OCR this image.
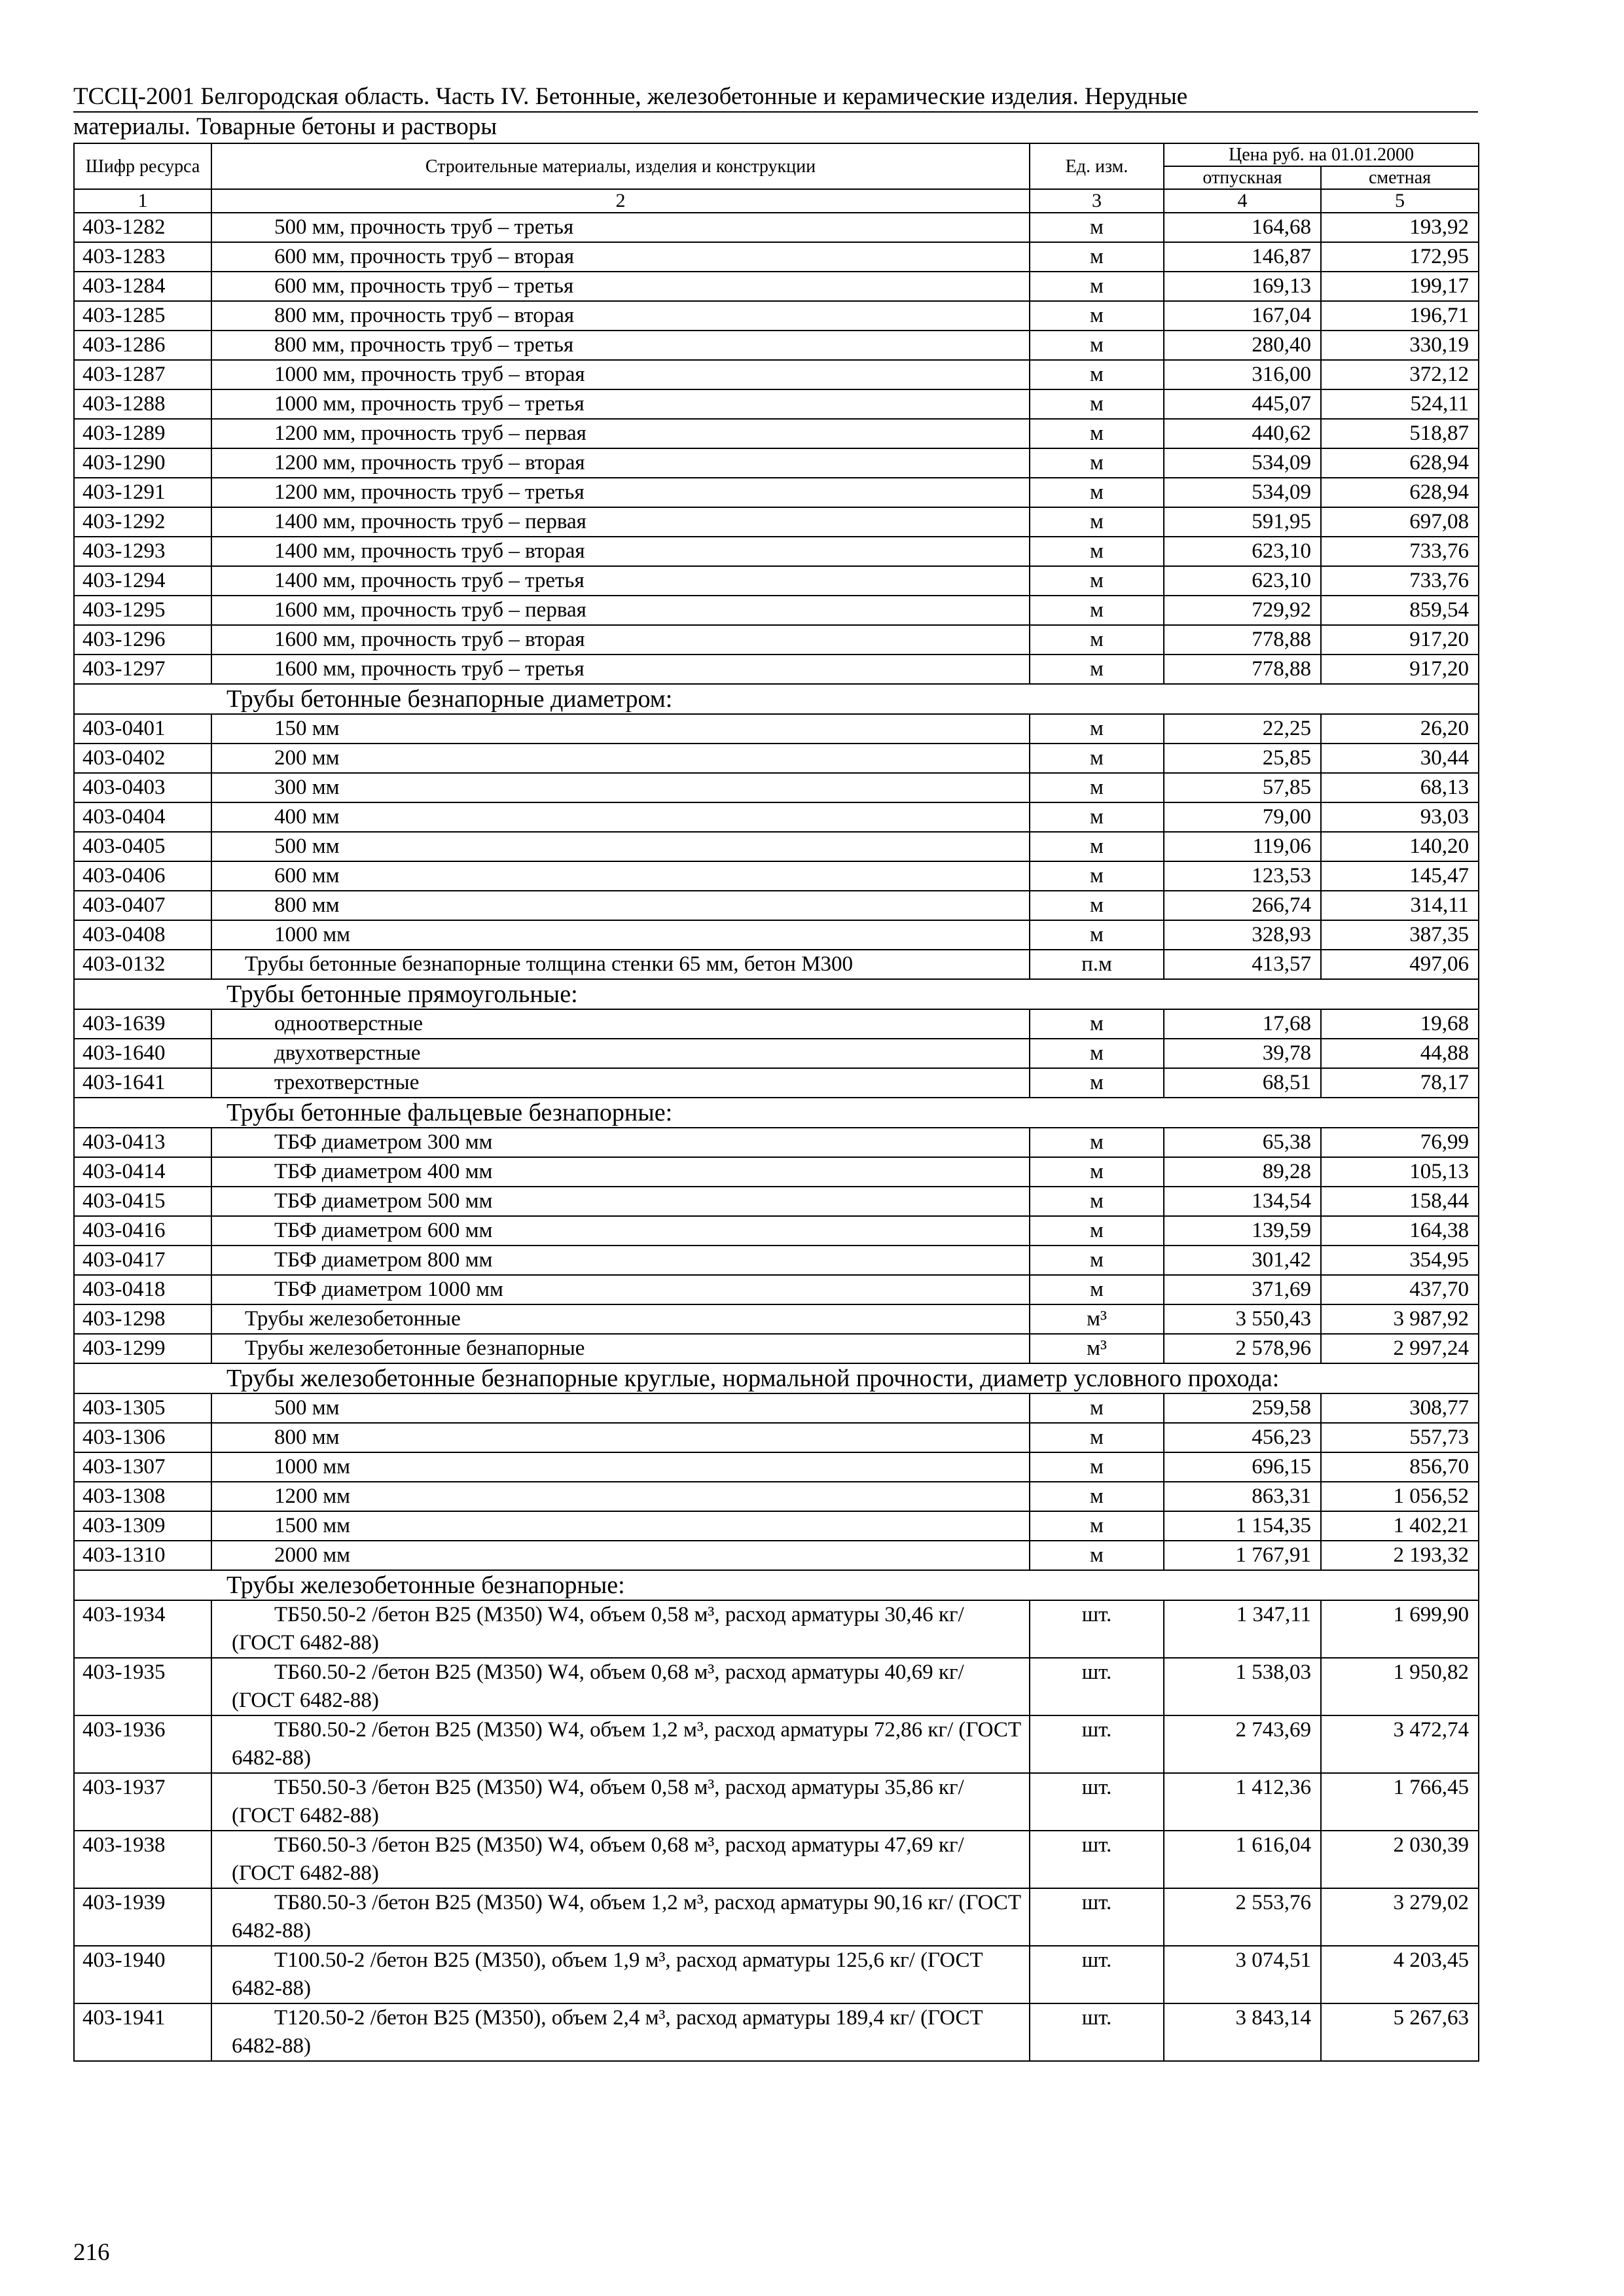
ТССЦ-2001 Белгородская область. Часть IV. Бетонные, железобетонные и керамические изделия. Нерудные
материалы. Товарные бетоны и растворы
Шифр ресурса	Строительные материалы, изделия и конструкции	Ед. изм.	Цена руб. на 01.01.2000	
			отпускная	сметная
1	2	3	4	5
403-1282	500 мм, прочность труб – третья	м	164,68	193,92
403-1283	600 мм, прочность труб – вторая	м	146,87	172,95
403-1284	600 мм, прочность труб – третья	м	169,13	199,17
403-1285	800 мм, прочность труб – вторая	м	167,04	196,71
403-1286	800 мм, прочность труб – третья	м	280,40	330,19
403-1287	1000 мм, прочность труб – вторая	м	316,00	372,12
403-1288	1000 мм, прочность труб – третья	м	445,07	524,11
403-1289	1200 мм, прочность труб – первая	м	440,62	518,87
403-1290	1200 мм, прочность труб – вторая	м	534,09	628,94
403-1291	1200 мм, прочность труб – третья	м	534,09	628,94
403-1292	1400 мм, прочность труб – первая	м	591,95	697,08
403-1293	1400 мм, прочность труб – вторая	м	623,10	733,76
403-1294	1400 мм, прочность труб – третья	м	623,10	733,76
403-1295	1600 мм, прочность труб – первая	м	729,92	859,54
403-1296	1600 мм, прочность труб – вторая	м	778,88	917,20
403-1297	1600 мм, прочность труб – третья	м	778,88	917,20
Трубы бетонные безнапорные диаметром:				
403-0401	150 мм	м	22,25	26,20
403-0402	200 мм	м	25,85	30,44
403-0403	300 мм	м	57,85	68,13
403-0404	400 мм	м	79,00	93,03
403-0405	500 мм	м	119,06	140,20
403-0406	600 мм	м	123,53	145,47
403-0407	800 мм	м	266,74	314,11
403-0408	1000 мм	м	328,93	387,35
403-0132	Трубы бетонные безнапорные толщина стенки 65 мм, бетон М300	п.м	413,57	497,06
Трубы бетонные прямоугольные:				
403-1639	одноотверстные	м	17,68	19,68
403-1640	двухотверстные	м	39,78	44,88
403-1641	трехотверстные	м	68,51	78,17
Трубы бетонные фальцевые безнапорные:				
403-0413	ТБФ диаметром 300 мм	м	65,38	76,99
403-0414	ТБФ диаметром 400 мм	м	89,28	105,13
403-0415	ТБФ диаметром 500 мм	м	134,54	158,44
403-0416	ТБФ диаметром 600 мм	м	139,59	164,38
403-0417	ТБФ диаметром 800 мм	м	301,42	354,95
403-0418	ТБФ диаметром 1000 мм	м	371,69	437,70
403-1298	Трубы железобетонные	м³	3 550,43	3 987,92
403-1299	Трубы железобетонные безнапорные	м³	2 578,96	2 997,24
Трубы железобетонные безнапорные круглые, нормальной прочности, диаметр условного прохода:				
403-1305	500 мм	м	259,58	308,77
403-1306	800 мм	м	456,23	557,73
403-1307	1000 мм	м	696,15	856,70
403-1308	1200 мм	м	863,31	1 056,52
403-1309	1500 мм	м	1 154,35	1 402,21
403-1310	2000 мм	м	1 767,91	2 193,32
Трубы железобетонные безнапорные:				
403-1934	ТБ50.50-2 /бетон В25 (М350) W4, объем 0,58 м³, расход арматуры 30,46 кг/ (ГОСТ 6482-88)	шт.	1 347,11	1 699,90
403-1935	ТБ60.50-2 /бетон В25 (М350) W4, объем 0,68 м³, расход арматуры 40,69 кг/ (ГОСТ 6482-88)	шт.	1 538,03	1 950,82
403-1936	ТБ80.50-2 /бетон В25 (М350) W4, объем 1,2 м³, расход арматуры 72,86 кг/ (ГОСТ 6482-88)	шт.	2 743,69	3 472,74
403-1937	ТБ50.50-3 /бетон В25 (М350) W4, объем 0,58 м³, расход арматуры 35,86 кг/ (ГОСТ 6482-88)	шт.	1 412,36	1 766,45
403-1938	ТБ60.50-3 /бетон В25 (М350) W4, объем 0,68 м³, расход арматуры 47,69 кг/ (ГОСТ 6482-88)	шт.	1 616,04	2 030,39
403-1939	ТБ80.50-3 /бетон В25 (М350) W4, объем 1,2 м³, расход арматуры 90,16 кг/ (ГОСТ 6482-88)	шт.	2 553,76	3 279,02
403-1940	Т100.50-2 /бетон В25 (М350), объем 1,9 м³, расход арматуры 125,6 кг/ (ГОСТ 6482-88)	шт.	3 074,51	4 203,45
403-1941	Т120.50-2 /бетон В25 (М350), объем 2,4 м³, расход арматуры 189,4 кг/ (ГОСТ 6482-88)	шт.	3 843,14	5 267,63
216
